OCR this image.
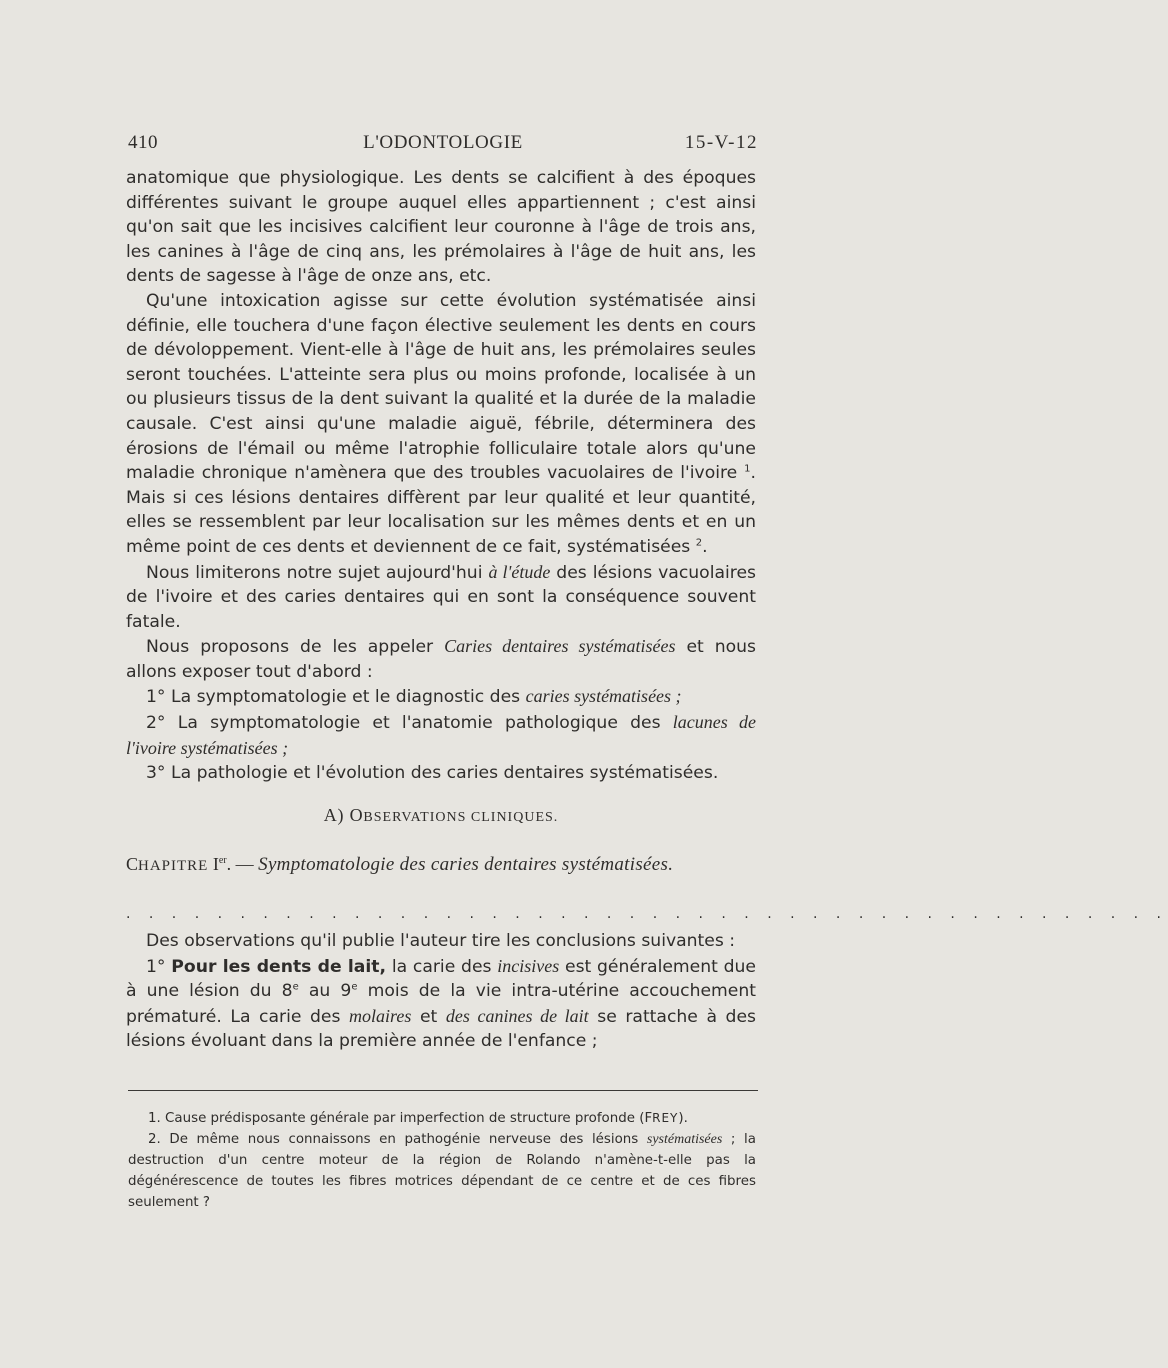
410	L'ODONTOLOGIE	15-V-12

anatomique que physiologique. Les dents se calcifient à des époques différentes suivant le groupe auquel elles appartiennent ; c'est ainsi qu'on sait que les incisives calcifient leur couronne à l'âge de trois ans, les canines à l'âge de cinq ans, les prémolaires à l'âge de huit ans, les dents de sagesse à l'âge de onze ans, etc.

Qu'une intoxication agisse sur cette évolution systématisée ainsi définie, elle touchera d'une façon élective seulement les dents en cours de dévoloppement. Vient-elle à l'âge de huit ans, les prémolaires seules seront touchées. L'atteinte sera plus ou moins profonde, localisée à un ou plusieurs tissus de la dent suivant la qualité et la durée de la maladie causale. C'est ainsi qu'une maladie aiguë, fébrile, déterminera des érosions de l'émail ou même l'atrophie folliculaire totale alors qu'une maladie chronique n'amènera que des troubles vacuolaires de l'ivoire $^1$. Mais si ces lésions dentaires diffèrent par leur qualité et leur quantité, elles se ressemblent par leur localisation sur les mêmes dents et en un même point de ces dents et deviennent de ce fait, systématisées $^2$.

Nous limiterons notre sujet aujourd'hui à l'étude des lésions vacuolaires de l'ivoire et des caries dentaires qui en sont la conséquence souvent fatale.

Nous proposons de les appeler Caries dentaires systématisées et nous allons exposer tout d'abord :

1° La symptomatologie et le diagnostic des caries systématisées ;

2° La symptomatologie et l'anatomie pathologique des lacunes de l'ivoire systématisées ;

3° La pathologie et l'évolution des caries dentaires systématisées.

A) OBSERVATIONS CLINIQUES.

CHAPITRE Ier. — Symptomatologie des caries dentaires systématisées.

. . . . . . . . . . . . . . . . . . . . . . . . . . . . . . . . . . . . . . . . . . . . . .

Des observations qu'il publie l'auteur tire les conclusions suivantes :

1° Pour les dents de lait, la carie des incisives est généralement due à une lésion du 8e au 9e mois de la vie intra-utérine accouchement prématuré. La carie des molaires et des canines de lait se rattache à des lésions évoluant dans la première année de l'enfance ;

1. Cause prédisposante générale par imperfection de structure profonde (FREY).

2. De même nous connaissons en pathogénie nerveuse des lésions systématisées ; la destruction d'un centre moteur de la région de Rolando n'amène-t-elle pas la dégénérescence de toutes les fibres motrices dépendant de ce centre et de ces fibres seulement ?
